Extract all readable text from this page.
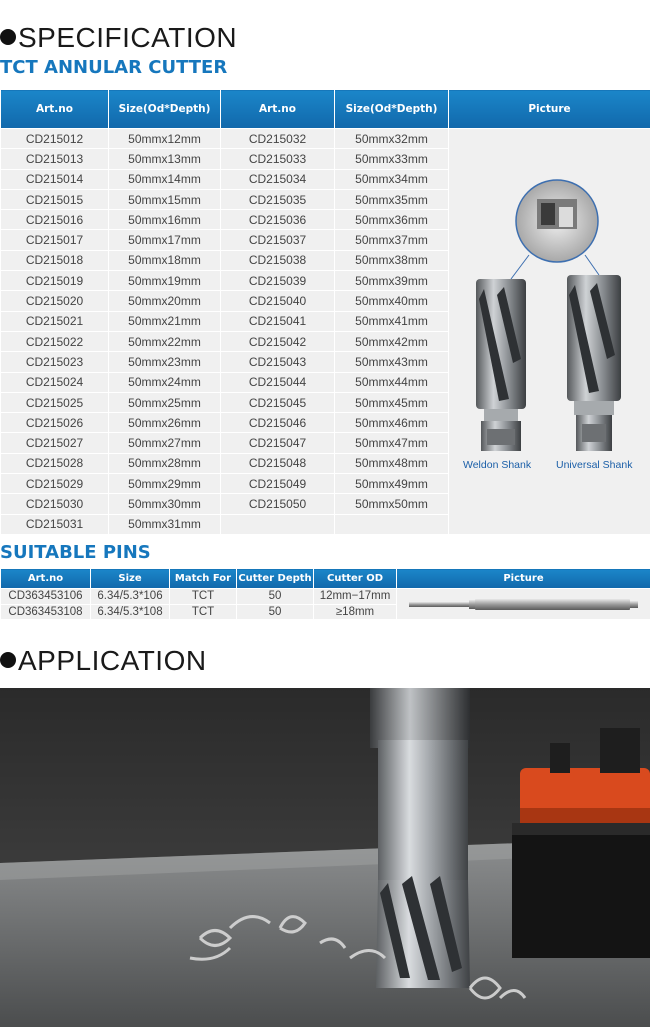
SPECIFICATION
TCT ANNULAR CUTTER
Art.no	Size(Od*Depth)	Art.no	Size(Od*Depth)	Picture
CD215012	50mmx12mm	CD215032	50mmx32mm	Weldon Shank Universal Shank

CD215013	50mmx13mm	CD215033	50mmx33mm	
CD215014	50mmx14mm	CD215034	50mmx34mm	
CD215015	50mmx15mm	CD215035	50mmx35mm	
CD215016	50mmx16mm	CD215036	50mmx36mm	
CD215017	50mmx17mm	CD215037	50mmx37mm	
CD215018	50mmx18mm	CD215038	50mmx38mm	
CD215019	50mmx19mm	CD215039	50mmx39mm	
CD215020	50mmx20mm	CD215040	50mmx40mm	
CD215021	50mmx21mm	CD215041	50mmx41mm	
CD215022	50mmx22mm	CD215042	50mmx42mm	
CD215023	50mmx23mm	CD215043	50mmx43mm	
CD215024	50mmx24mm	CD215044	50mmx44mm	
CD215025	50mmx25mm	CD215045	50mmx45mm	
CD215026	50mmx26mm	CD215046	50mmx46mm	
CD215027	50mmx27mm	CD215047	50mmx47mm	
CD215028	50mmx28mm	CD215048	50mmx48mm	
CD215029	50mmx29mm	CD215049	50mmx49mm	
CD215030	50mmx30mm	CD215050	50mmx50mm	
CD215031	50mmx31mm			
SUITABLE PINS
Art.no	Size	Match For	Cutter Depth	Cutter OD	Picture
CD363453106	6.34/5.3*106	TCT	50	12mm−17mm	

CD363453108	6.34/5.3*108	TCT	50	≥18mm	
APPLICATION
